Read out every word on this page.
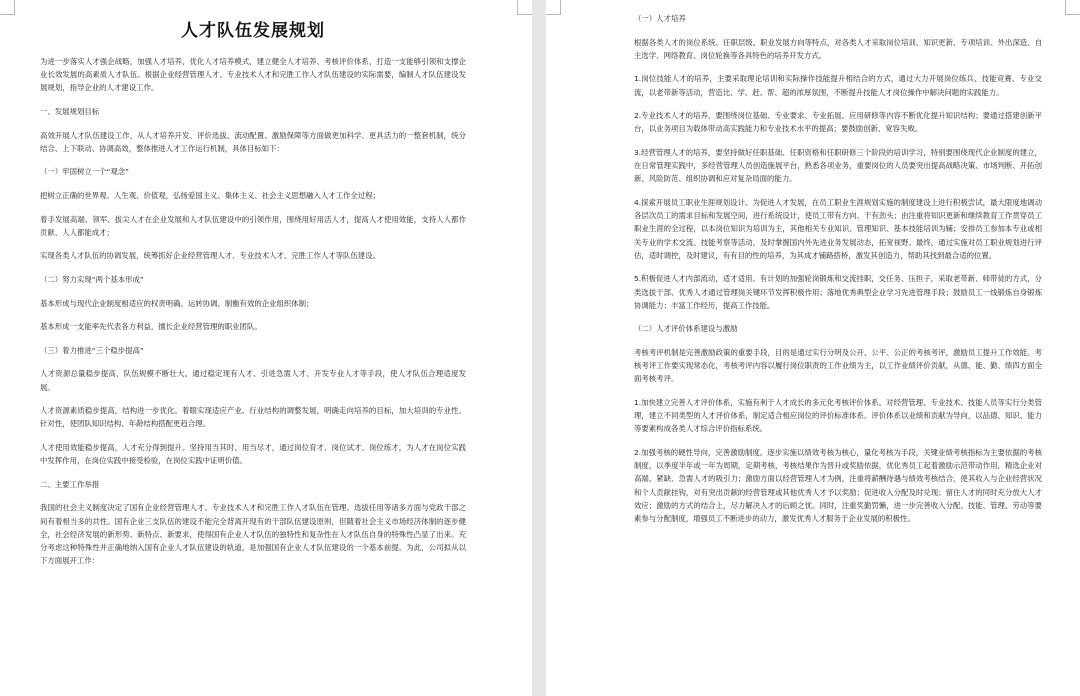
人才队伍发展规划

为进一步落实人才强企战略，加强人才培养，优化人才培养模式，建立健全人才培养、考核评价体系，打造一支能够引领和支撑企业长效发展的高素质人才队伍。根据企业经营管理人才、专业技术人才和完胜工作人才队伍建设的实际需要，编制人才队伍建设发展规划，指导企业的人才建设工作。

一、发展规划目标

高效开展人才队伍建设工作，从人才培养开发、评价选拔、流动配置、激励保障等方面做更加科学、更具活力的一整套机制，统分结合、上下联动、协调高效，整体推进人才工作运行机制，具体目标如下：

（一）牢固树立一个“观念”

把树立正确的世界观、人生观、价值观，弘扬爱国主义、集体主义、社会主义思想融入人才工作全过程；

着手发展高端、领军、拔尖人才在企业发展和人才队伍建设中的引领作用，围绕用好用活人才，提高人才使用效能，支持人人都作贡献、人人都能成才；

实现各类人才队伍的协调发展，统筹抓好企业经营管理人才、专业技术人才、完胜工作人才等队伍建设。

（二）努力实现“两个基本形成”

基本形成与现代企业制度相适应的权责明确、运转协调、制衡有效的企业组织体制；

基本形成一支能率先代表各方利益，擅长企业经营管理的职业团队。

（三）着力推进“三个稳步提高”

人才资源总量稳步提高，队伍规模不断壮大。通过稳定现有人才、引进急需人才、开发专业人才等手段，使人才队伍合理适度发展。

人才资源素质稳步提高，结构进一步优化。着眼实现适应产业、行业结构的调整发展，明确走向培养的目标，加大培训的专业性、针对性，使团队知识结构、年龄结构搭配更趋合理。

人才使用效能稳步提高，人才充分得到提升。坚持用当其时、用当尽才，通过岗位育才、岗位试才、岗位练才，为人才在岗位实践中发挥作用，在岗位实践中接受检验，在岗位实践中证明价值。

二、主要工作举措

我国的社会主义制度决定了国有企业经营管理人才、专业技术人才和完胜工作人才队伍在管理、选拔任用等诸多方面与党政干部之间有着相当多的共性。国有企业三支队伍的建设不能完全背离开现有的干部队伍建设原则，但随着社会主义市场经济体制的逐步健全，社会经济发展的新形势、新特点、新要求，使得国有企业人才队伍的独特性和复杂性在人才队伍自身的特殊性凸显了出来。充分考虑这种特殊性并正确地纳入国有企业人才队伍建设的轨道，是加强国有企业人才队伍建设的一个基本前提。为此，公司拟从以下方面展开工作：

（一）人才培养

根据各类人才的岗位系统、任职层级、职业发展方向等特点，对各类人才采取岗位培训、知识更新、专项培训、外出深造、自主选学、网络教育、岗位轮换等各具特色的培养开发方式。

1.岗位技能人才的培养，主要采取理论培训和实际操作技能提升相结合的方式，通过大力开展岗位练兵、技能竞赛、专业交流，以老带新等活动，营造比、学、赶、帮、超的浓厚氛围，不断提升技能人才岗位操作中解决问题的实践能力。

2.专业技术人才的培养，要围绕岗位基础、专业要求、专业拓展、应用研修等内容不断优化提升知识结构；要通过搭建创新平台，以业务项目为载体带动高实践能力和专业技术水平的提高；要鼓励创新、宽容失败。

3.经营管理人才的培养，要坚持做好任职基础、任职资格和任职研修三个阶段的培训学习，特别要围绕现代企业制度的建立，在日常管理实践中，多经营管理人员创造施展平台，熟悉各项业务，重要岗位的人员要突出提高战略决策、市场判断、开拓创新、风险防范、组织协调和应对复杂局面的能力。

4.探索开展员工职业生涯规划设计。为促进人才发展，在员工职业生涯规划实施的制度建设上进行积极尝试，最大限度地调动各层次员工的需求目标和发展空间，进行系统设计，使员工带有方向、干有劲头；由注重将知识更新和继续教育工作贯穿员工职业生涯的全过程，以本岗位知识为培训为主，其他相关专业知识、管理知识、基本技能培训为辅；安排员工参加本专业或相关专业的学术交流、技能考察等活动，及时掌握国内外先进业务发展动态，拓宽视野。最终，通过实施对员工职业规划进行评估，适时调控，及时建议，有有目的性的培养，为其成才铺路搭桥，激发其创造力，帮助其找到最合适的位置。

5.积极促进人才内部流动，适才适用。有计划的加强轮岗锻炼和交流挂职，交任务、压担子，采取老带新、师带徒的方式，分类选拔干部、优秀人才通过管理岗关键环节发挥积极作用；落地优秀典型企业学习先进管理手段；鼓励员工一线锻炼自身锻炼协调能力；丰富工作经历，提高工作技能。

（二）人才评价体系建设与激励

考核考评机制是完善激励政策的重要手段，目的是通过实行分明及公开、公平、公正的考核考评，激励员工提升工作效能。考核考评工作要实现常态化，考核考评内容以履行岗位职责的工作业绩为主，以工作业绩评价贡献，从德、能、勤、绩四方面全面考核考评。

1.加快建立完善人才评价体系，实施有利于人才成长的多元化考核评价体系。对经营管理、专业技术、技能人员等实行分类管理，建立不同类型的人才评价体系，制定适合相应岗位的评价标准体系。评价体系以业绩和贡献为导向，以品德、知识、能力等要素构成各类人才综合评价指标系统。

2.加强考核的硬性导向，完善激励制度。逐步实施以绩效考核为核心，量化考核为手段，关键业绩考核指标为主要依据的考核制度，以季度半年或一年为周期，定期考核，考核结果作为晋升或奖励依据，优化秀员工起着激励示范带动作用，精选企业对高端、紧缺、急需人才的吸引力；激励方面以经营管理人才为例，注重将薪酬待遇与绩效考核结合，使其收入与企业经营状况和个人贡献挂钩，对有突出贡献的经营管理或其他优秀人才予以奖励；促进收入分配及时兑现；留住人才的同时充分放大人才效应；激励的方式的结合上，尽力解决人才的后顾之忧。同时，注重奖勤罚懒，进一步完善收入分配、技能、管理、劳动等要素参与分配制度，增强员工不断进步的动力，激发优秀人才服务于企业发展的积极性。
